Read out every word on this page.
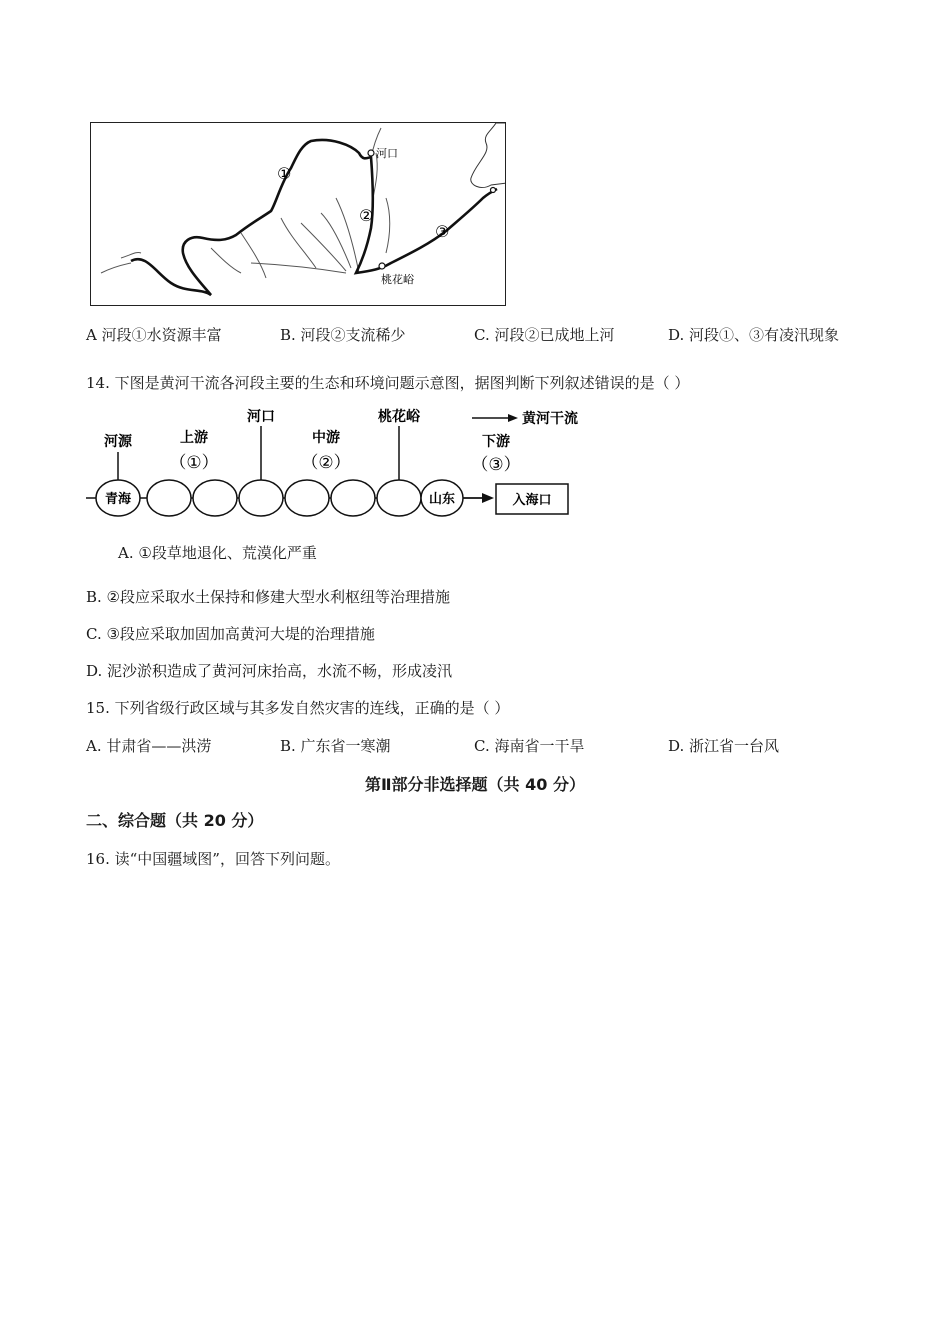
河口
桃花峪
①
②
③
A 河段①水资源丰富	B. 河段②支流稀少	C. 河段②已成地上河	D. 河段①、③有凌汛现象
14. 下图是黄河干流各河段主要的生态和环境问题示意图，据图判断下列叙述错误的是（ ）
黄河干流
青海	山东	入海口
河源
河口	桃花峪
上游
（①）
中游
（②）
下游
（③）
A. ①段草地退化、荒漠化严重
B. ②段应采取水土保持和修建大型水利枢纽等治理措施
C. ③段应采取加固加高黄河大堤的治理措施
D. 泥沙淤积造成了黄河河床抬高，水流不畅，形成凌汛
15. 下列省级行政区域与其多发自然灾害的连线，正确的是（ ）
A. 甘肃省——洪涝	B. 广东省一寒潮	C. 海南省一干旱	D. 浙江省一台风
第Ⅱ部分非选择题（共 40 分）
二、综合题（共 20 分）
16. 读“中国疆域图”，回答下列问题。
